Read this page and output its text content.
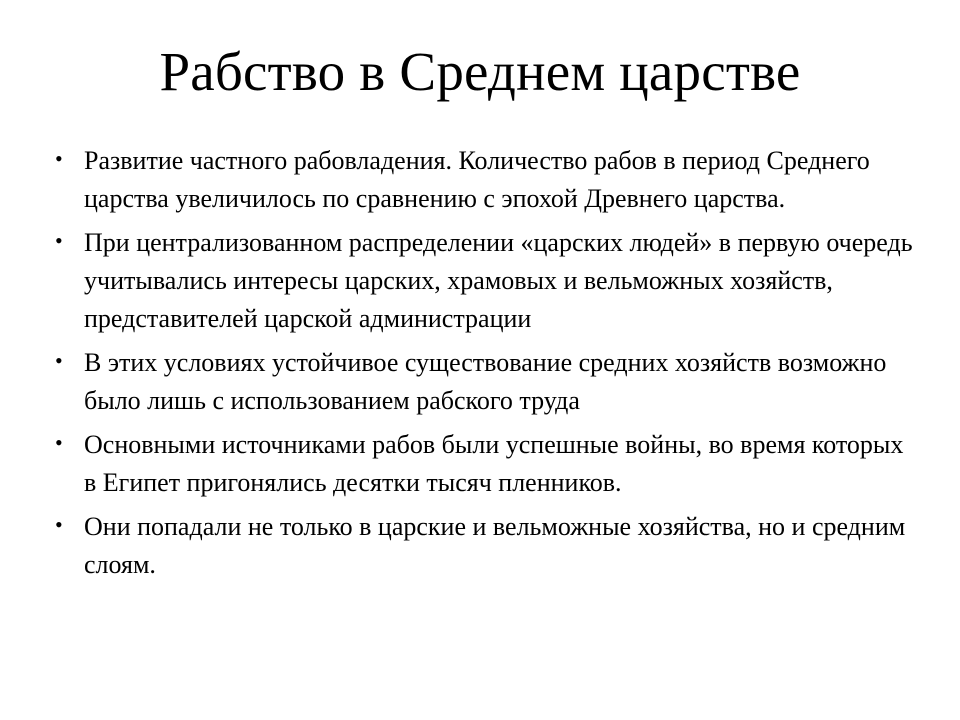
Рабство в Среднем царстве
• Развитие частного рабовладения. Количество рабов в период Среднего царства увеличилось по сравнению с эпохой Древнего царства.
• При централизованном распределении «царских людей» в первую очередь учитывались интересы царских, храмовых и вельможных хозяйств, представителей царской администрации
• В этих условиях устойчивое существование средних хозяйств возможно было лишь с использованием рабского труда
• Основными источниками рабов были успешные войны, во время которых в Египет пригонялись десятки тысяч пленников.
• Они попадали не только в царские и вельможные хозяйства, но и средним слоям.
